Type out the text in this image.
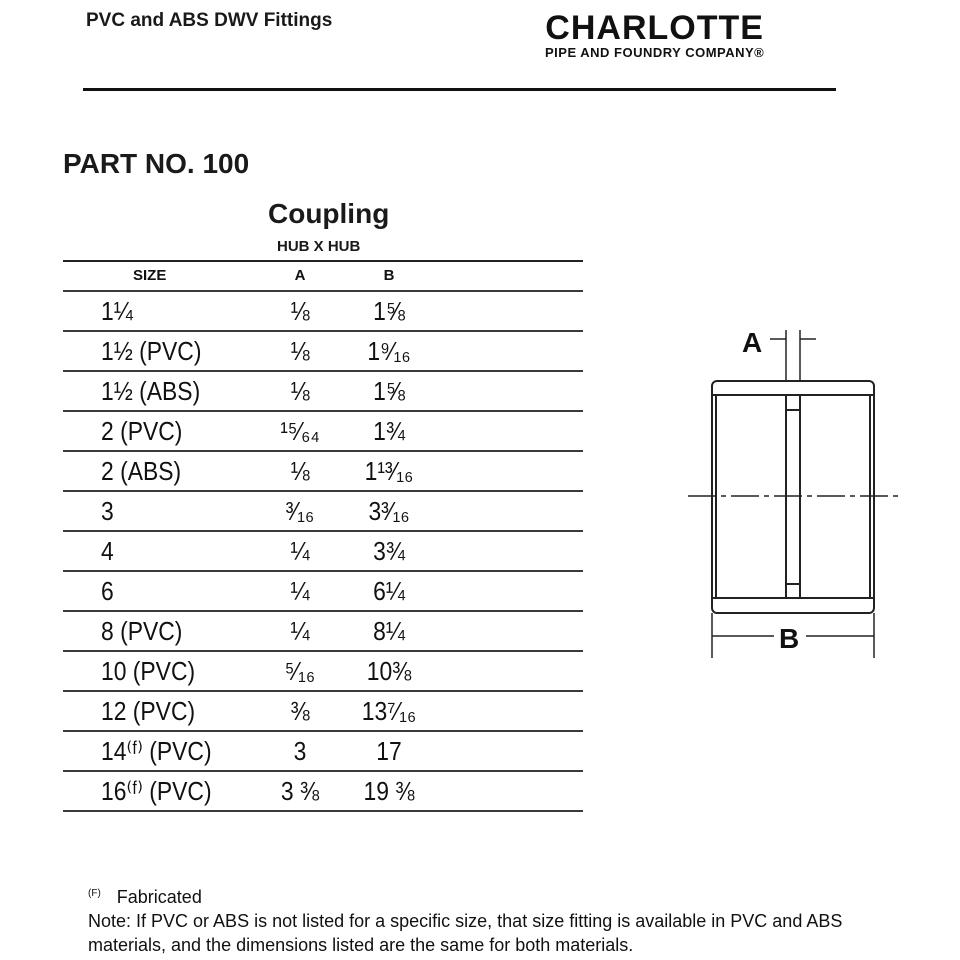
PVC and ABS DWV Fittings	CHARLOTTE
PIPE AND FOUNDRY COMPANY®
PART NO. 100
Coupling
HUB X HUB
SIZE	A	B
1¼	⅛	1⅝
1½ (PVC)	⅛	1⁹⁄₁₆
1½ (ABS)	⅛	1⅝
2 (PVC)	¹⁵⁄₆₄	1¾
2 (ABS)	⅛	1¹³⁄₁₆
3	³⁄₁₆	3³⁄₁₆
4	¼	3¾
6	¼	6¼
8 (PVC)	¼	8¼
10 (PVC)	⁵⁄₁₆	10⅜
12 (PVC)	⅜	13⁷⁄₁₆
14⁽ᶠ⁾ (PVC)	3	17
16⁽ᶠ⁾ (PVC)	3 ⅜	19 ⅜
A
B
$^{(F)}$ Fabricated
Note: If PVC or ABS is not listed for a specific size, that size fitting is available in PVC and ABS materials, and the dimensions listed are the same for both materials.
